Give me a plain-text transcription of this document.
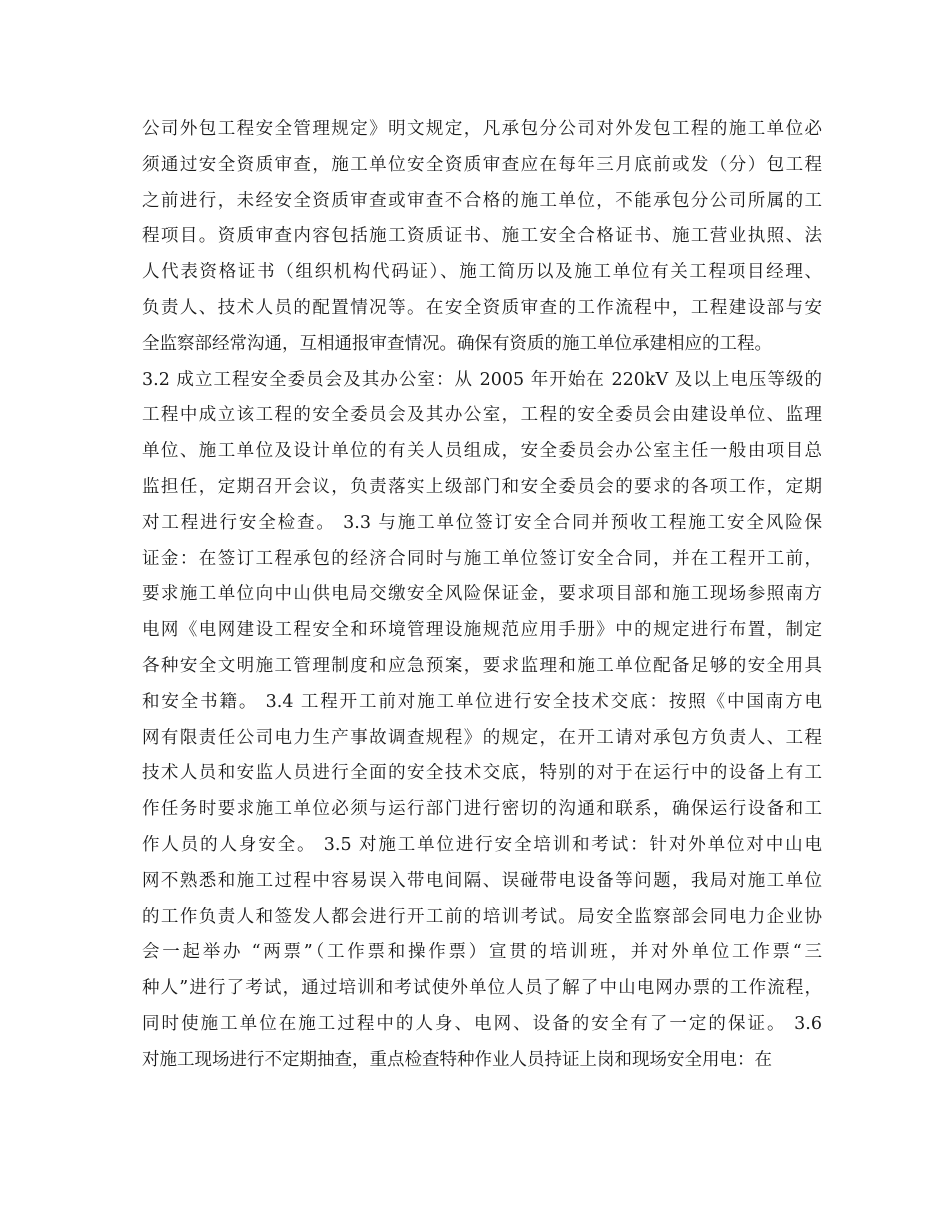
公司外包工程安全管理规定》明文规定，凡承包分公司对外发包工程的施工单位必
须通过安全资质审查，施工单位安全资质审查应在每年三月底前或发（分）包工程
之前进行，未经安全资质审查或审查不合格的施工单位，不能承包分公司所属的工
程项目。资质审查内容包括施工资质证书、施工安全合格证书、施工营业执照、法
人代表资格证书（组织机构代码证）、施工简历以及施工单位有关工程项目经理、
负责人、技术人员的配置情况等。在安全资质审查的工作流程中，工程建设部与安
全监察部经常沟通，互相通报审查情况。确保有资质的施工单位承建相应的工程。
3.2 成立工程安全委员会及其办公室：从 2005 年开始在 220kV 及以上电压等级的
工程中成立该工程的安全委员会及其办公室，工程的安全委员会由建设单位、监理
单位、施工单位及设计单位的有关人员组成，安全委员会办公室主任一般由项目总
监担任，定期召开会议，负责落实上级部门和安全委员会的要求的各项工作，定期
对工程进行安全检查。 3.3 与施工单位签订安全合同并预收工程施工安全风险保
证金：在签订工程承包的经济合同时与施工单位签订安全合同，并在工程开工前，
要求施工单位向中山供电局交缴安全风险保证金，要求项目部和施工现场参照南方
电网《电网建设工程安全和环境管理设施规范应用手册》中的规定进行布置，制定
各种安全文明施工管理制度和应急预案，要求监理和施工单位配备足够的安全用具
和安全书籍。 3.4 工程开工前对施工单位进行安全技术交底：按照《中国南方电
网有限责任公司电力生产事故调查规程》的规定，在开工请对承包方负责人、工程
技术人员和安监人员进行全面的安全技术交底，特别的对于在运行中的设备上有工
作任务时要求施工单位必须与运行部门进行密切的沟通和联系，确保运行设备和工
作人员的人身安全。 3.5 对施工单位进行安全培训和考试：针对外单位对中山电
网不熟悉和施工过程中容易误入带电间隔、误碰带电设备等问题，我局对施工单位
的工作负责人和签发人都会进行开工前的培训考试。局安全监察部会同电力企业协
会一起举办 “两票”（工作票和操作票）宣贯的培训班，并对外单位工作票“三
种人”进行了考试，通过培训和考试使外单位人员了解了中山电网办票的工作流程，
同时使施工单位在施工过程中的人身、电网、设备的安全有了一定的保证。 3.6
对施工现场进行不定期抽查，重点检查特种作业人员持证上岗和现场安全用电：在
